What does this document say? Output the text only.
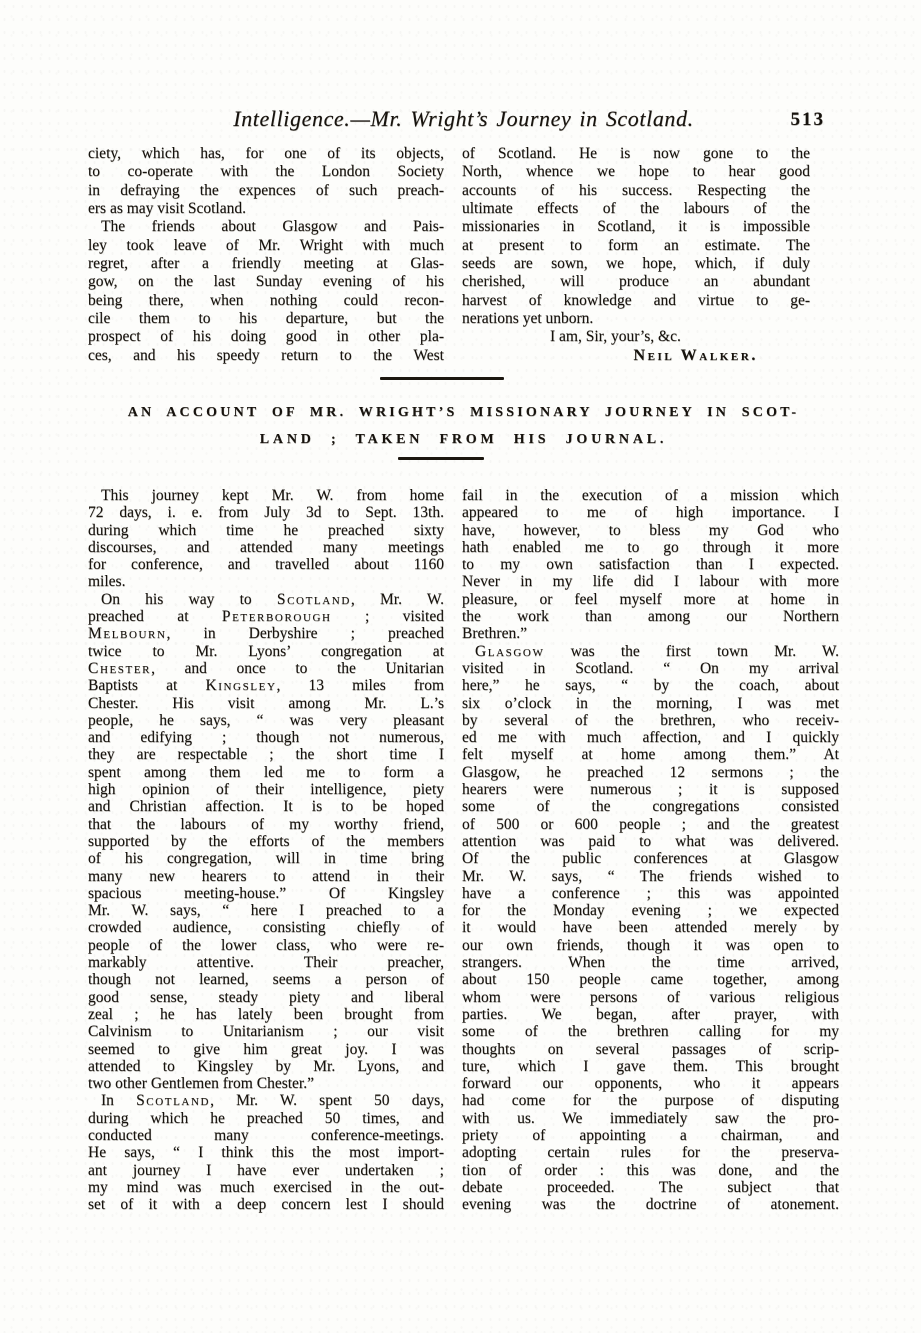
Intelligence.—Mr. Wright’s Journey in Scotland.	513
ciety, which has, for one of its objects,
to co-operate with the London Society
in defraying the expences of such preach-
ers as may visit Scotland.
The friends about Glasgow and Pais-
ley took leave of Mr. Wright with much
regret, after a friendly meeting at Glas-
gow, on the last Sunday evening of his
being there, when nothing could recon-
cile them to his departure, but the
prospect of his doing good in other pla-
ces, and his speedy return to the West
of Scotland. He is now gone to the
North, whence we hope to hear good
accounts of his success. Respecting the
ultimate effects of the labours of the
missionaries in Scotland, it is impossible
at present to form an estimate. The
seeds are sown, we hope, which, if duly
cherished, will produce an abundant
harvest of knowledge and virtue to ge-
nerations yet unborn.
I am, Sir, your’s, &c.
Neil Walker.
AN ACCOUNT OF MR. WRIGHT’S MISSIONARY JOURNEY IN SCOT-
LAND ; TAKEN FROM HIS JOURNAL.
This journey kept Mr. W. from home
72 days, i. e. from July 3d to Sept. 13th.
during which time he preached sixty
discourses, and attended many meetings
for conference, and travelled about 1160
miles.
On his way to Scotland, Mr. W.
preached at Peterborough ; visited
Melbourn, in Derbyshire ; preached
twice to Mr. Lyons’ congregation at
Chester, and once to the Unitarian
Baptists at Kingsley, 13 miles from
Chester. His visit among Mr. L.’s
people, he says, “ was very pleasant
and edifying ; though not numerous,
they are respectable ; the short time I
spent among them led me to form a
high opinion of their intelligence, piety
and Christian affection. It is to be hoped
that the labours of my worthy friend,
supported by the efforts of the members
of his congregation, will in time bring
many new hearers to attend in their
spacious meeting-house.” Of Kingsley
Mr. W. says, “ here I preached to a
crowded audience, consisting chiefly of
people of the lower class, who were re-
markably attentive. Their preacher,
though not learned, seems a person of
good sense, steady piety and liberal
zeal ; he has lately been brought from
Calvinism to Unitarianism ; our visit
seemed to give him great joy. I was
attended to Kingsley by Mr. Lyons, and
two other Gentlemen from Chester.”
In Scotland, Mr. W. spent 50 days,
during which he preached 50 times, and
conducted many conference-meetings.
He says, “ I think this the most import-
ant journey I have ever undertaken ;
my mind was much exercised in the out-
set of it with a deep concern lest I should
fail in the execution of a mission which
appeared to me of high importance. I
have, however, to bless my God who
hath enabled me to go through it more
to my own satisfaction than I expected.
Never in my life did I labour with more
pleasure, or feel myself more at home in
the work than among our Northern
Brethren.”
Glasgow was the first town Mr. W.
visited in Scotland. “ On my arrival
here,” he says, “ by the coach, about
six o’clock in the morning, I was met
by several of the brethren, who receiv-
ed me with much affection, and I quickly
felt myself at home among them.” At
Glasgow, he preached 12 sermons ; the
hearers were numerous ; it is supposed
some of the congregations consisted
of 500 or 600 people ; and the greatest
attention was paid to what was delivered.
Of the public conferences at Glasgow
Mr. W. says, “ The friends wished to
have a conference ; this was appointed
for the Monday evening ; we expected
it would have been attended merely by
our own friends, though it was open to
strangers. When the time arrived,
about 150 people came together, among
whom were persons of various religious
parties. We began, after prayer, with
some of the brethren calling for my
thoughts on several passages of scrip-
ture, which I gave them. This brought
forward our opponents, who it appears
had come for the purpose of disputing
with us. We immediately saw the pro-
priety of appointing a chairman, and
adopting certain rules for the preserva-
tion of order : this was done, and the
debate proceeded. The subject that
evening was the doctrine of atonement.
